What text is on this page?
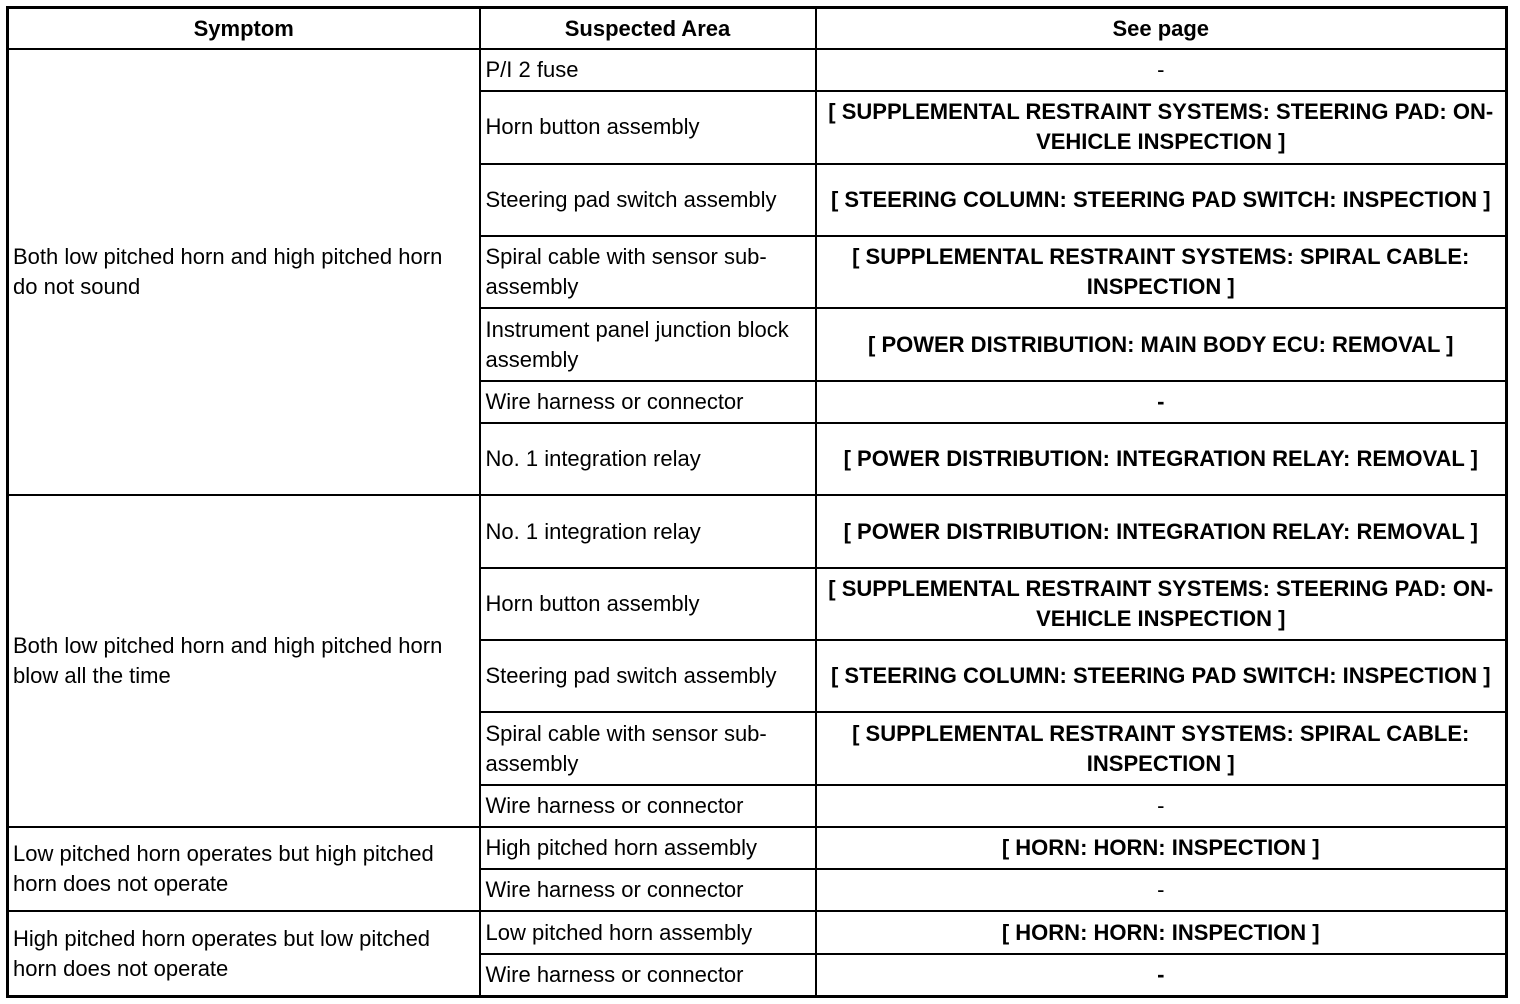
Symptom	Suspected Area	See page
Both low pitched horn and high pitched horn do not sound	P/I 2 fuse	-
	Horn button assembly	[ SUPPLEMENTAL RESTRAINT SYSTEMS: STEERING PAD: ON-VEHICLE INSPECTION ]
	Steering pad switch assembly	[ STEERING COLUMN: STEERING PAD SWITCH: INSPECTION ]
	Spiral cable with sensor sub-assembly	[ SUPPLEMENTAL RESTRAINT SYSTEMS: SPIRAL CABLE: INSPECTION ]
	Instrument panel junction block assembly	[ POWER DISTRIBUTION: MAIN BODY ECU: REMOVAL ]
	Wire harness or connector	-
	No. 1 integration relay	[ POWER DISTRIBUTION: INTEGRATION RELAY: REMOVAL ]
Both low pitched horn and high pitched horn blow all the time	No. 1 integration relay	[ POWER DISTRIBUTION: INTEGRATION RELAY: REMOVAL ]
	Horn button assembly	[ SUPPLEMENTAL RESTRAINT SYSTEMS: STEERING PAD: ON-VEHICLE INSPECTION ]
	Steering pad switch assembly	[ STEERING COLUMN: STEERING PAD SWITCH: INSPECTION ]
	Spiral cable with sensor sub-assembly	[ SUPPLEMENTAL RESTRAINT SYSTEMS: SPIRAL CABLE: INSPECTION ]
	Wire harness or connector	-
Low pitched horn operates but high pitched horn does not operate	High pitched horn assembly	[ HORN: HORN: INSPECTION ]
	Wire harness or connector	-
High pitched horn operates but low pitched horn does not operate	Low pitched horn assembly	[ HORN: HORN: INSPECTION ]
	Wire harness or connector	-
